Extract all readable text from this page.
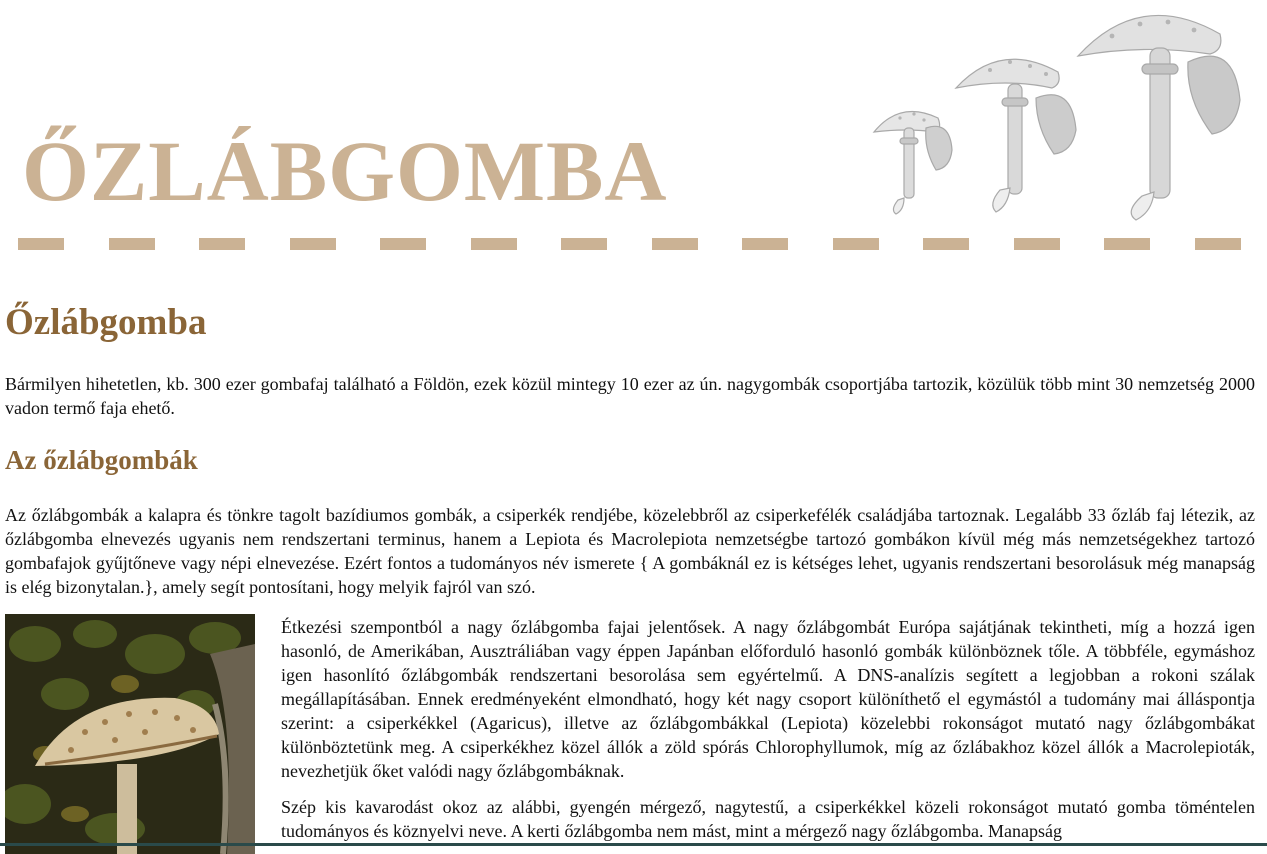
ŐZLÁBGOMBA
Őzlábgomba

Bármilyen hihetetlen, kb. 300 ezer gombafaj található a Földön, ezek közül mintegy 10 ezer az ún. nagygombák csoportjába tartozik, közülük több mint 30 nemzetség 2000 vadon termő faja ehető.

Az őzlábgombák

Az őzlábgombák a kalapra és tönkre tagolt bazídiumos gombák, a csiperkék rendjébe, közelebbről az csiperkefélék családjába tartoznak. Legalább 33 őzláb faj létezik, az őzlábgomba elnevezés ugyanis nem rendszertani terminus, hanem a Lepiota és Macrolepiota nemzetségbe tartozó gombákon kívül még más nemzetségekhez tartozó gombafajok gyűjtőneve vagy népi elnevezése. Ezért fontos a tudományos név ismerete { A gombáknál ez is kétséges lehet, ugyanis rendszertani besorolásuk még manapság is elég bizonytalan.}, amely segít pontosítani, hogy melyik fajról van szó.

Étkezési szempontból a nagy őzlábgomba fajai jelentősek. A nagy őzlábgombát Európa sajátjának tekintheti, míg a hozzá igen hasonló, de Amerikában, Ausztráliában vagy éppen Japánban előforduló hasonló gombák különböznek tőle. A többféle, egymáshoz igen hasonlító őzlábgombák rendszertani besorolása sem egyértelmű. A DNS-analízis segített a legjobban a rokoni szálak megállapításában. Ennek eredményeként elmondható, hogy két nagy csoport különíthető el egymástól a tudomány mai álláspontja szerint: a csiperkékkel (Agaricus), illetve az őzlábgombákkal (Lepiota) közelebbi rokonságot mutató nagy őzlábgombákat különböztetünk meg. A csiperkékhez közel állók a zöld spórás Chlorophyllumok, míg az őzlábakhoz közel állók a Macrolepioták, nevezhetjük őket valódi nagy őzlábgombáknak.

Szép kis kavarodást okoz az alábbi, gyengén mérgező, nagytestű, a csiperkékkel közeli rokonságot mutató gomba töméntelen tudományos és köznyelvi neve. A kerti őzlábgomba nem mást, mint a mérgező nagy őzlábgomba. Manapság
